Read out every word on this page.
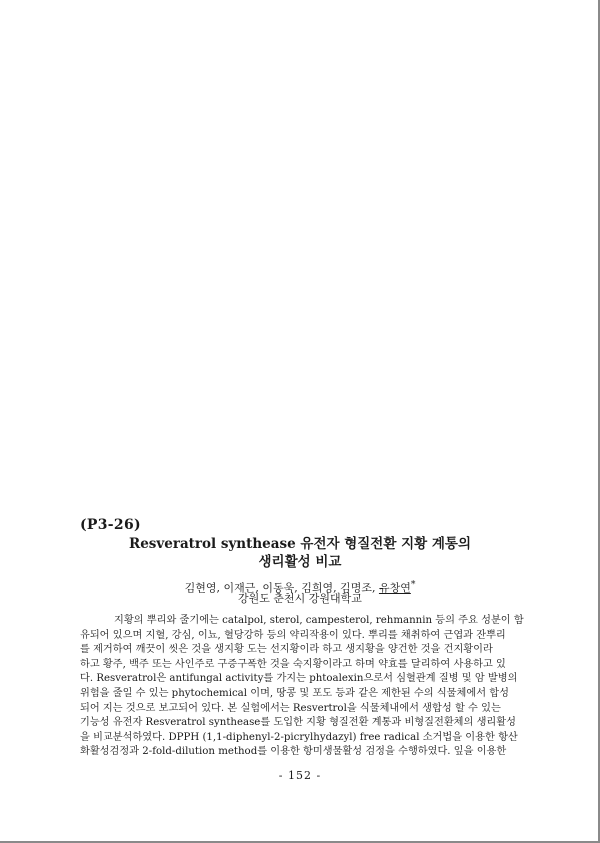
(P3-26)
Resveratrol synthease 유전자 형질전환 지황 계통의
생리활성 비교
김현영, 이재근, 이동욱, 김희영, 김명조, 유창연*
강원도 춘천시 강원대학교
지황의 뿌리와 줄기에는 catalpol, sterol, campesterol, rehmannin 등의 주요 성분이 함
유되어 있으며 지혈, 강심, 이뇨, 혈당강하 등의 약리작용이 있다. 뿌리를 채취하여 근엽과 잔뿌리
를 제거하여 깨끗이 씻은 것을 생지황 도는 선지황이라 하고 생지황을 양건한 것을 건지황이라
하고 황주, 백주 또는 사인주로 구증구폭한 것을 숙지황이라고 하며 약효를 달리하여 사용하고 있
다. Resveratrol은 antifungal activity를 가지는 phtoalexin으로서 심혈관계 질병 및 암 발병의
위험을 줄일 수 있는 phytochemical 이며, 땅콩 및 포도 등과 같은 제한된 수의 식물체에서 합성
되어 지는 것으로 보고되어 있다. 본 실험에서는 Resvertrol을 식물체내에서 생합성 할 수 있는
기능성 유전자 Resveratrol synthease를 도입한 지황 형질전환 계통과 비형질전환체의 생리활성
을 비교분석하였다. DPPH (1,1-diphenyl-2-picrylhydazyl) free radical 소거법을 이용한 항산
화활성검정과 2-fold-dilution method를 이용한 항미생물활성 검정을 수행하였다. 잎을 이용한
- 152 -
